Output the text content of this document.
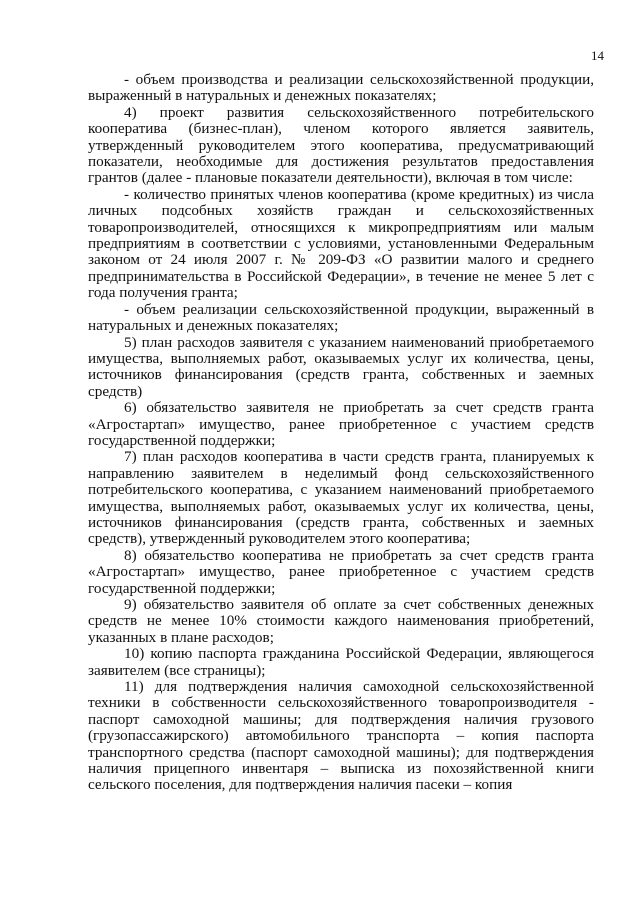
14

- объем производства и реализации сельскохозяйственной продукции, выраженный в натуральных и денежных показателях;

4) проект развития сельскохозяйственного потребительского кооператива (бизнес-план), членом которого является заявитель, утвержденный руководителем этого кооператива, предусматривающий показатели, необходимые для достижения результатов предоставления грантов (далее - плановые показатели деятельности), включая в том числе:

- количество принятых членов кооператива (кроме кредитных) из числа личных подсобных хозяйств граждан и сельскохозяйственных товаропроизводителей, относящихся к микропредприятиям или малым предприятиям в соответствии с условиями, установленными Федеральным законом от 24 июля 2007 г. № 209-ФЗ «О развитии малого и среднего предпринимательства в Российской Федерации», в течение не менее 5 лет с года получения гранта;

- объем реализации сельскохозяйственной продукции, выраженный в натуральных и денежных показателях;

5) план расходов заявителя с указанием наименований приобретаемого имущества, выполняемых работ, оказываемых услуг их количества, цены, источников финансирования (средств гранта, собственных и заемных средств)

6) обязательство заявителя не приобретать за счет средств гранта «Агростартап» имущество, ранее приобретенное с участием средств государственной поддержки;

7) план расходов кооператива в части средств гранта, планируемых к направлению заявителем в неделимый фонд сельскохозяйственного потребительского кооператива, с указанием наименований приобретаемого имущества, выполняемых работ, оказываемых услуг их количества, цены, источников финансирования (средств гранта, собственных и заемных средств), утвержденный руководителем этого кооператива;

8) обязательство кооператива не приобретать за счет средств гранта «Агростартап» имущество, ранее приобретенное с участием средств государственной поддержки;

9) обязательство заявителя об оплате за счет собственных денежных средств не менее 10% стоимости каждого наименования приобретений, указанных в плане расходов;

10) копию паспорта гражданина Российской Федерации, являющегося заявителем (все страницы);

11) для подтверждения наличия самоходной сельскохозяйственной техники в собственности сельскохозяйственного товаропроизводителя - паспорт самоходной машины; для подтверждения наличия грузового (грузопассажирского) автомобильного транспорта – копия паспорта транспортного средства (паспорт самоходной машины); для подтверждения наличия прицепного инвентаря – выписка из похозяйственной книги сельского поселения, для подтверждения наличия пасеки – копия
